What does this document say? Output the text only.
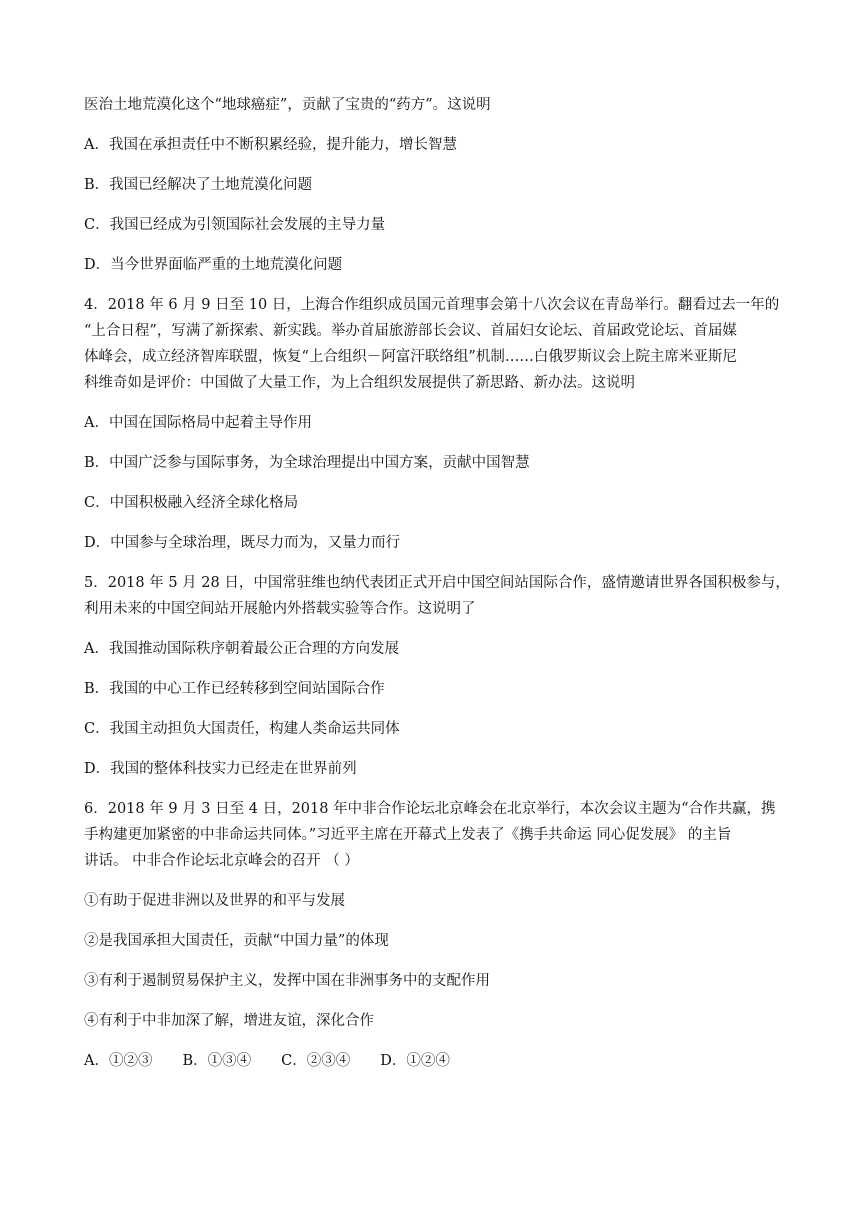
医治土地荒漠化这个“地球癌症”，贡献了宝贵的“药方”。这说明

A．我国在承担责任中不断积累经验，提升能力，增长智慧

B．我国已经解决了土地荒漠化问题

C．我国已经成为引领国际社会发展的主导力量

D．当今世界面临严重的土地荒漠化问题

4．2018 年 6 月 9 日至 10 日，上海合作组织成员国元首理事会第十八次会议在青岛举行。翻看过去一年的

“上合日程”，写满了新探索、新实践。举办首届旅游部长会议、首届妇女论坛、首届政党论坛、首届媒

体峰会，成立经济智库联盟，恢复“上合组织－阿富汗联络组”机制……白俄罗斯议会上院主席米亚斯尼

科维奇如是评价：中国做了大量工作，为上合组织发展提供了新思路、新办法。这说明

A．中国在国际格局中起着主导作用

B．中国广泛参与国际事务，为全球治理提出中国方案，贡献中国智慧

C．中国积极融入经济全球化格局

D．中国参与全球治理，既尽力而为，又量力而行

5．2018 年 5 月 28 日，中国常驻维也纳代表团正式开启中国空间站国际合作，盛情邀请世界各国积极参与，

利用未来的中国空间站开展舱内外搭载实验等合作。这说明了

A．我国推动国际秩序朝着最公正合理的方向发展

B．我国的中心工作已经转移到空间站国际合作

C．我国主动担负大国责任，构建人类命运共同体

D．我国的整体科技实力已经走在世界前列

6．2018 年 9 月 3 日至 4 日，2018 年中非合作论坛北京峰会在北京举行，本次会议主题为“合作共赢，携

手构建更加紧密的中非命运共同体。”习近平主席在开幕式上发表了《携手共命运 同心促发展》 的主旨

讲话。 中非合作论坛北京峰会的召开 （ ）

①有助于促进非洲以及世界的和平与发展

②是我国承担大国责任，贡献“中国力量”的体现

③有利于遏制贸易保护主义，发挥中国在非洲事务中的支配作用

④有利于中非加深了解，增进友谊，深化合作

A．①②③ B．①③④ C．②③④ D．①②④
